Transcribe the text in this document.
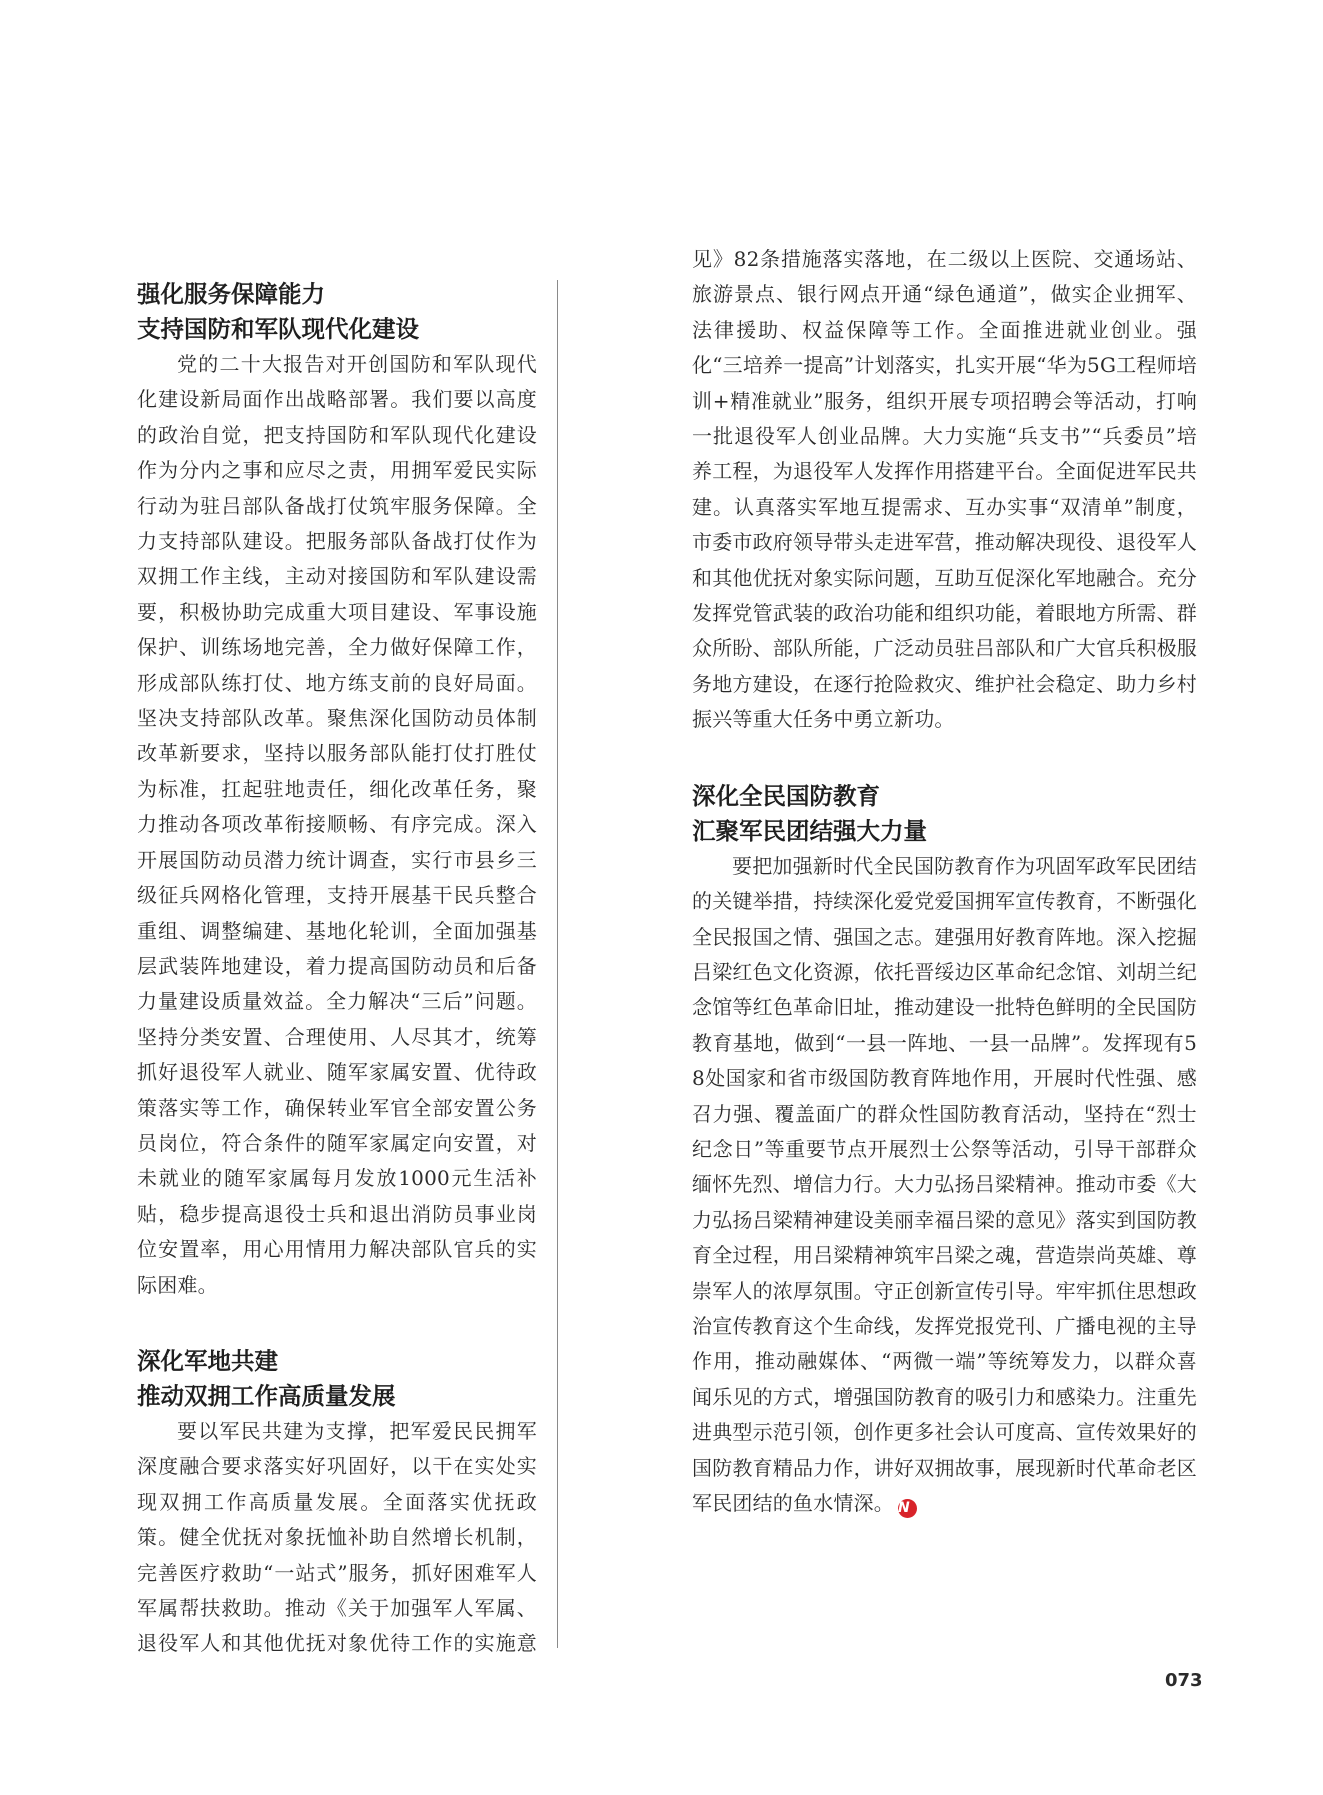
强化服务保障能力
支持国防和军队现代化建设

党的二十大报告对开创国防和军队现代化建设新局面作出战略部署。我们要以高度的政治自觉，把支持国防和军队现代化建设作为分内之事和应尽之责，用拥军爱民实际行动为驻吕部队备战打仗筑牢服务保障。全力支持部队建设。把服务部队备战打仗作为双拥工作主线，主动对接国防和军队建设需要，积极协助完成重大项目建设、军事设施保护、训练场地完善，全力做好保障工作，形成部队练打仗、地方练支前的良好局面。坚决支持部队改革。聚焦深化国防动员体制改革新要求，坚持以服务部队能打仗打胜仗为标准，扛起驻地责任，细化改革任务，聚力推动各项改革衔接顺畅、有序完成。深入开展国防动员潜力统计调查，实行市县乡三级征兵网格化管理，支持开展基干民兵整合重组、调整编建、基地化轮训，全面加强基层武装阵地建设，着力提高国防动员和后备力量建设质量效益。全力解决“三后”问题。坚持分类安置、合理使用、人尽其才，统筹抓好退役军人就业、随军家属安置、优待政策落实等工作，确保转业军官全部安置公务员岗位，符合条件的随军家属定向安置，对未就业的随军家属每月发放1000元生活补贴，稳步提高退役士兵和退出消防员事业岗位安置率，用心用情用力解决部队官兵的实际困难。

深化军地共建
推动双拥工作高质量发展

要以军民共建为支撑，把军爱民民拥军深度融合要求落实好巩固好，以干在实处实现双拥工作高质量发展。全面落实优抚政策。健全优抚对象抚恤补助自然增长机制，完善医疗救助“一站式”服务，抓好困难军人军属帮扶救助。推动《关于加强军人军属、退役军人和其他优抚对象优待工作的实施意

见》82条措施落实落地，在二级以上医院、交通场站、旅游景点、银行网点开通“绿色通道”，做实企业拥军、法律援助、权益保障等工作。全面推进就业创业。强化“三培养一提高”计划落实，扎实开展“华为5G工程师培训+精准就业”服务，组织开展专项招聘会等活动，打响一批退役军人创业品牌。大力实施“兵支书”“兵委员”培养工程，为退役军人发挥作用搭建平台。全面促进军民共建。认真落实军地互提需求、互办实事“双清单”制度，市委市政府领导带头走进军营，推动解决现役、退役军人和其他优抚对象实际问题，互助互促深化军地融合。充分发挥党管武装的政治功能和组织功能，着眼地方所需、群众所盼、部队所能，广泛动员驻吕部队和广大官兵积极服务地方建设，在逐行抢险救灾、维护社会稳定、助力乡村振兴等重大任务中勇立新功。

深化全民国防教育
汇聚军民团结强大力量

要把加强新时代全民国防教育作为巩固军政军民团结的关键举措，持续深化爱党爱国拥军宣传教育，不断强化全民报国之情、强国之志。建强用好教育阵地。深入挖掘吕梁红色文化资源，依托晋绥边区革命纪念馆、刘胡兰纪念馆等红色革命旧址，推动建设一批特色鲜明的全民国防教育基地，做到“一县一阵地、一县一品牌”。发挥现有58处国家和省市级国防教育阵地作用，开展时代性强、感召力强、覆盖面广的群众性国防教育活动，坚持在“烈士纪念日”等重要节点开展烈士公祭等活动，引导干部群众缅怀先烈、增信力行。大力弘扬吕梁精神。推动市委《大力弘扬吕梁精神建设美丽幸福吕梁的意见》落实到国防教育全过程，用吕梁精神筑牢吕梁之魂，营造崇尚英雄、尊崇军人的浓厚氛围。守正创新宣传引导。牢牢抓住思想政治宣传教育这个生命线，发挥党报党刊、广播电视的主导作用，推动融媒体、“两微一端”等统筹发力，以群众喜闻乐见的方式，增强国防教育的吸引力和感染力。注重先进典型示范引领，创作更多社会认可度高、宣传效果好的国防教育精品力作，讲好双拥故事，展现新时代革命老区军民团结的鱼水情深。 N

073
